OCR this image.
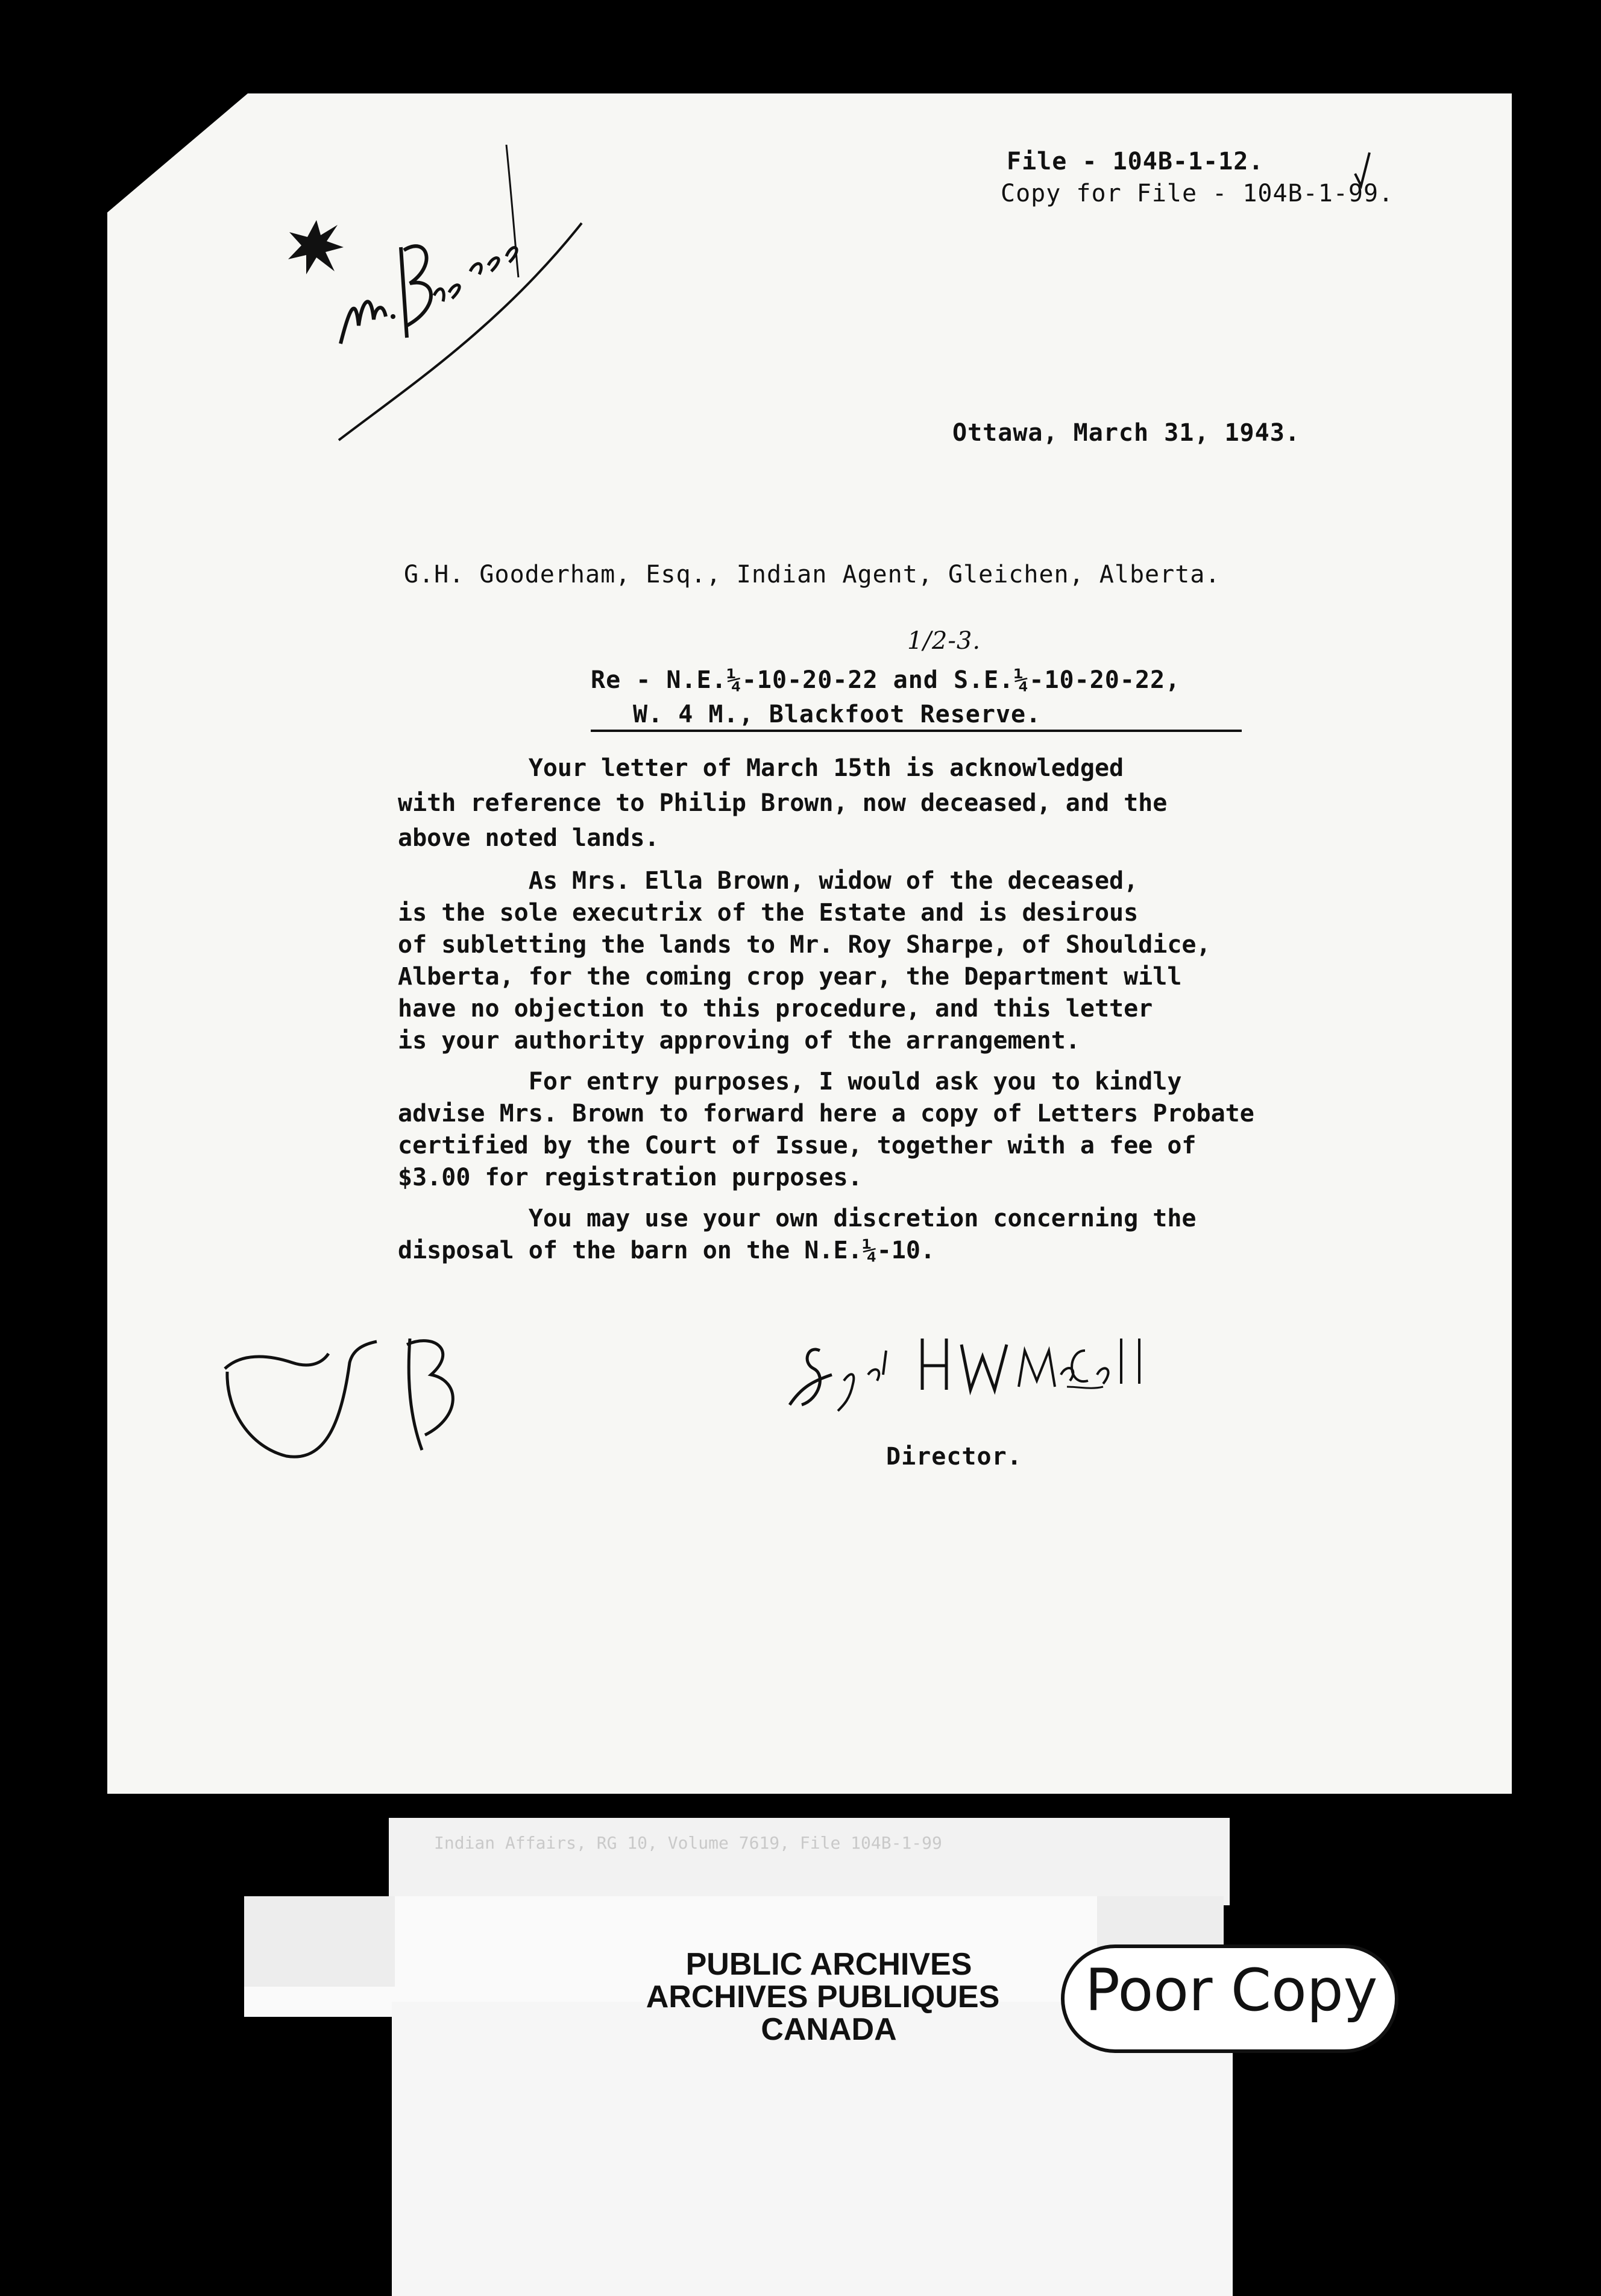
File - 104B-1-12.
Copy for File - 104B-1-99.
Ottawa, March 31, 1943.
G.H. Gooderham, Esq., Indian Agent, Gleichen, Alberta.
1/2-3.
Re - N.E.¼-10-20-22 and S.E.¼-10-20-22,
W. 4 M., Blackfoot Reserve.
Your letter of March 15th is acknowledged
with reference to Philip Brown, now deceased, and the
above noted lands.
As Mrs. Ella Brown, widow of the deceased,
is the sole executrix of the Estate and is desirous
of subletting the lands to Mr. Roy Sharpe, of Shouldice,
Alberta, for the coming crop year, the Department will
have no objection to this procedure, and this letter
is your authority approving of the arrangement.
For entry purposes, I would ask you to kindly
advise Mrs. Brown to forward here a copy of Letters Probate
certified by the Court of Issue, together with a fee of
$3.00 for registration purposes.
You may use your own discretion concerning the
disposal of the barn on the N.E.¼-10.
Director.
Indian Affairs, RG 10, Volume 7619, File 104B-1-99
PUBLIC ARCHIVES
ARCHIVES PUBLIQUES
CANADA
Poor Copy
